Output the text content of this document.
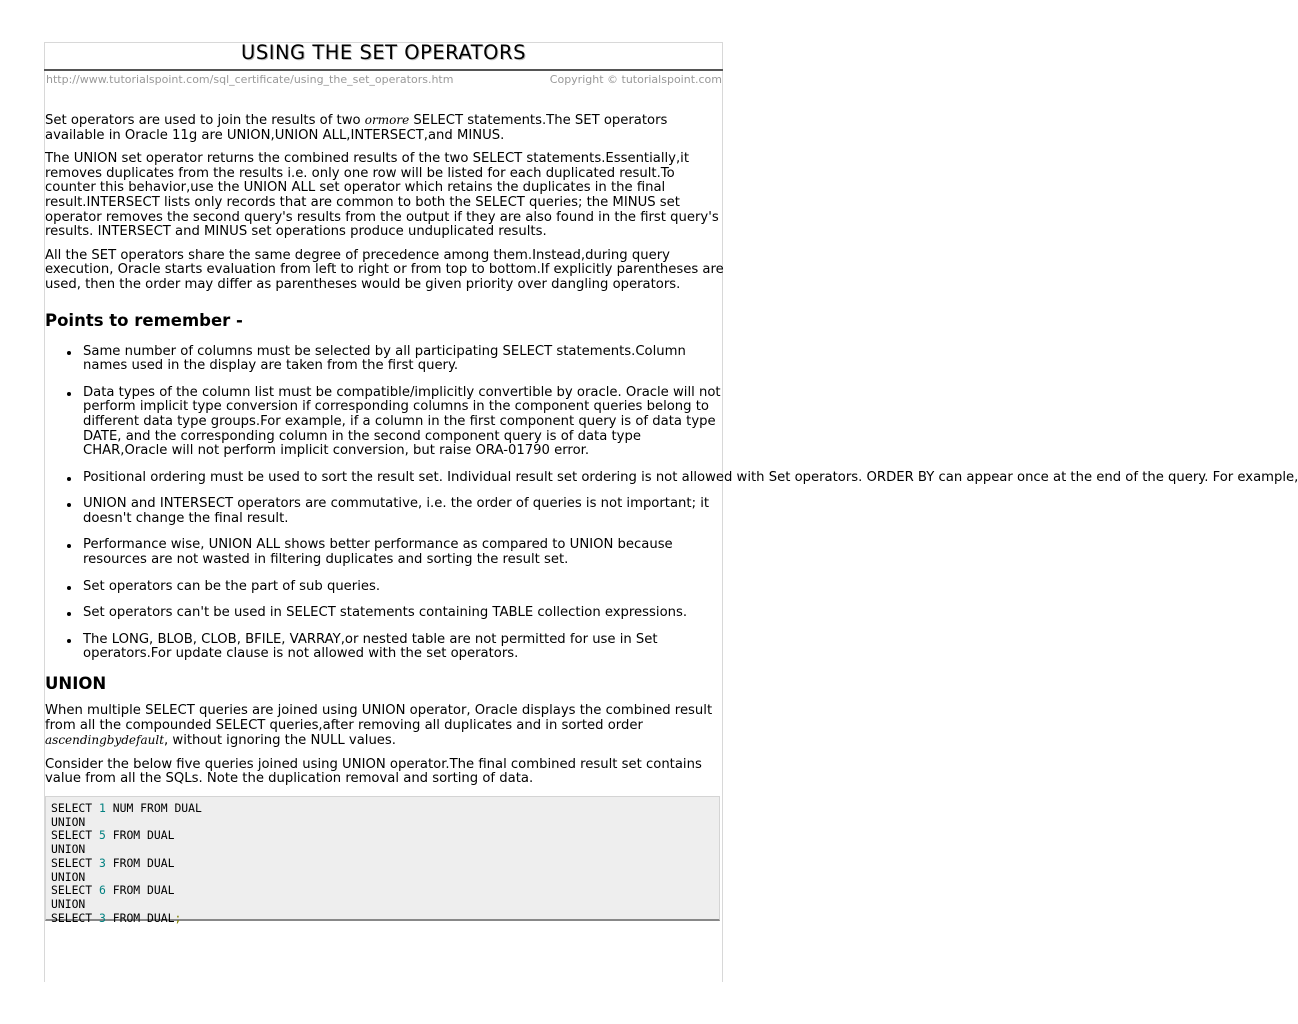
USING THE SET OPERATORS
http://www.tutorialspoint.com/sql_certificate/using_the_set_operators.htm	Copyright © tutorialspoint.com

Set operators are used to join the results of two ormore SELECT statements.The SET operators available in Oracle 11g are UNION,UNION ALL,INTERSECT,and MINUS.

The UNION set operator returns the combined results of the two SELECT statements.Essentially,it removes duplicates from the results i.e. only one row will be listed for each duplicated result.To counter this behavior,use the UNION ALL set operator which retains the duplicates in the final result.INTERSECT lists only records that are common to both the SELECT queries; the MINUS set operator removes the second query's results from the output if they are also found in the first query's results. INTERSECT and MINUS set operations produce unduplicated results.

All the SET operators share the same degree of precedence among them.Instead,during query execution, Oracle starts evaluation from left to right or from top to bottom.If explicitly parentheses are used, then the order may differ as parentheses would be given priority over dangling operators.

Points to remember -
Same number of columns must be selected by all participating SELECT statements.Column names used in the display are taken from the first query.
Data types of the column list must be compatible/implicitly convertible by oracle. Oracle will not perform implicit type conversion if corresponding columns in the component queries belong to different data type groups.For example, if a column in the first component query is of data type DATE, and the corresponding column in the second component query is of data type CHAR,Oracle will not perform implicit conversion, but raise ORA-01790 error.
Positional ordering must be used to sort the result set. Individual result set ordering is not allowed with Set operators. ORDER BY can appear once at the end of the query. For example,
UNION and INTERSECT operators are commutative, i.e. the order of queries is not important; it doesn't change the final result.
Performance wise, UNION ALL shows better performance as compared to UNION because resources are not wasted in filtering duplicates and sorting the result set.
Set operators can be the part of sub queries.
Set operators can't be used in SELECT statements containing TABLE collection expressions.
The LONG, BLOB, CLOB, BFILE, VARRAY,or nested table are not permitted for use in Set operators.For update clause is not allowed with the set operators.
UNION

When multiple SELECT queries are joined using UNION operator, Oracle displays the combined result from all the compounded SELECT queries,after removing all duplicates and in sorted order ascendingbydefault, without ignoring the NULL values.

Consider the below five queries joined using UNION operator.The final combined result set contains value from all the SQLs. Note the duplication removal and sorting of data.

SELECT 1 NUM FROM DUAL
UNION
SELECT 5 FROM DUAL
UNION
SELECT 3 FROM DUAL
UNION
SELECT 6 FROM DUAL
UNION
SELECT 3 FROM DUAL;
